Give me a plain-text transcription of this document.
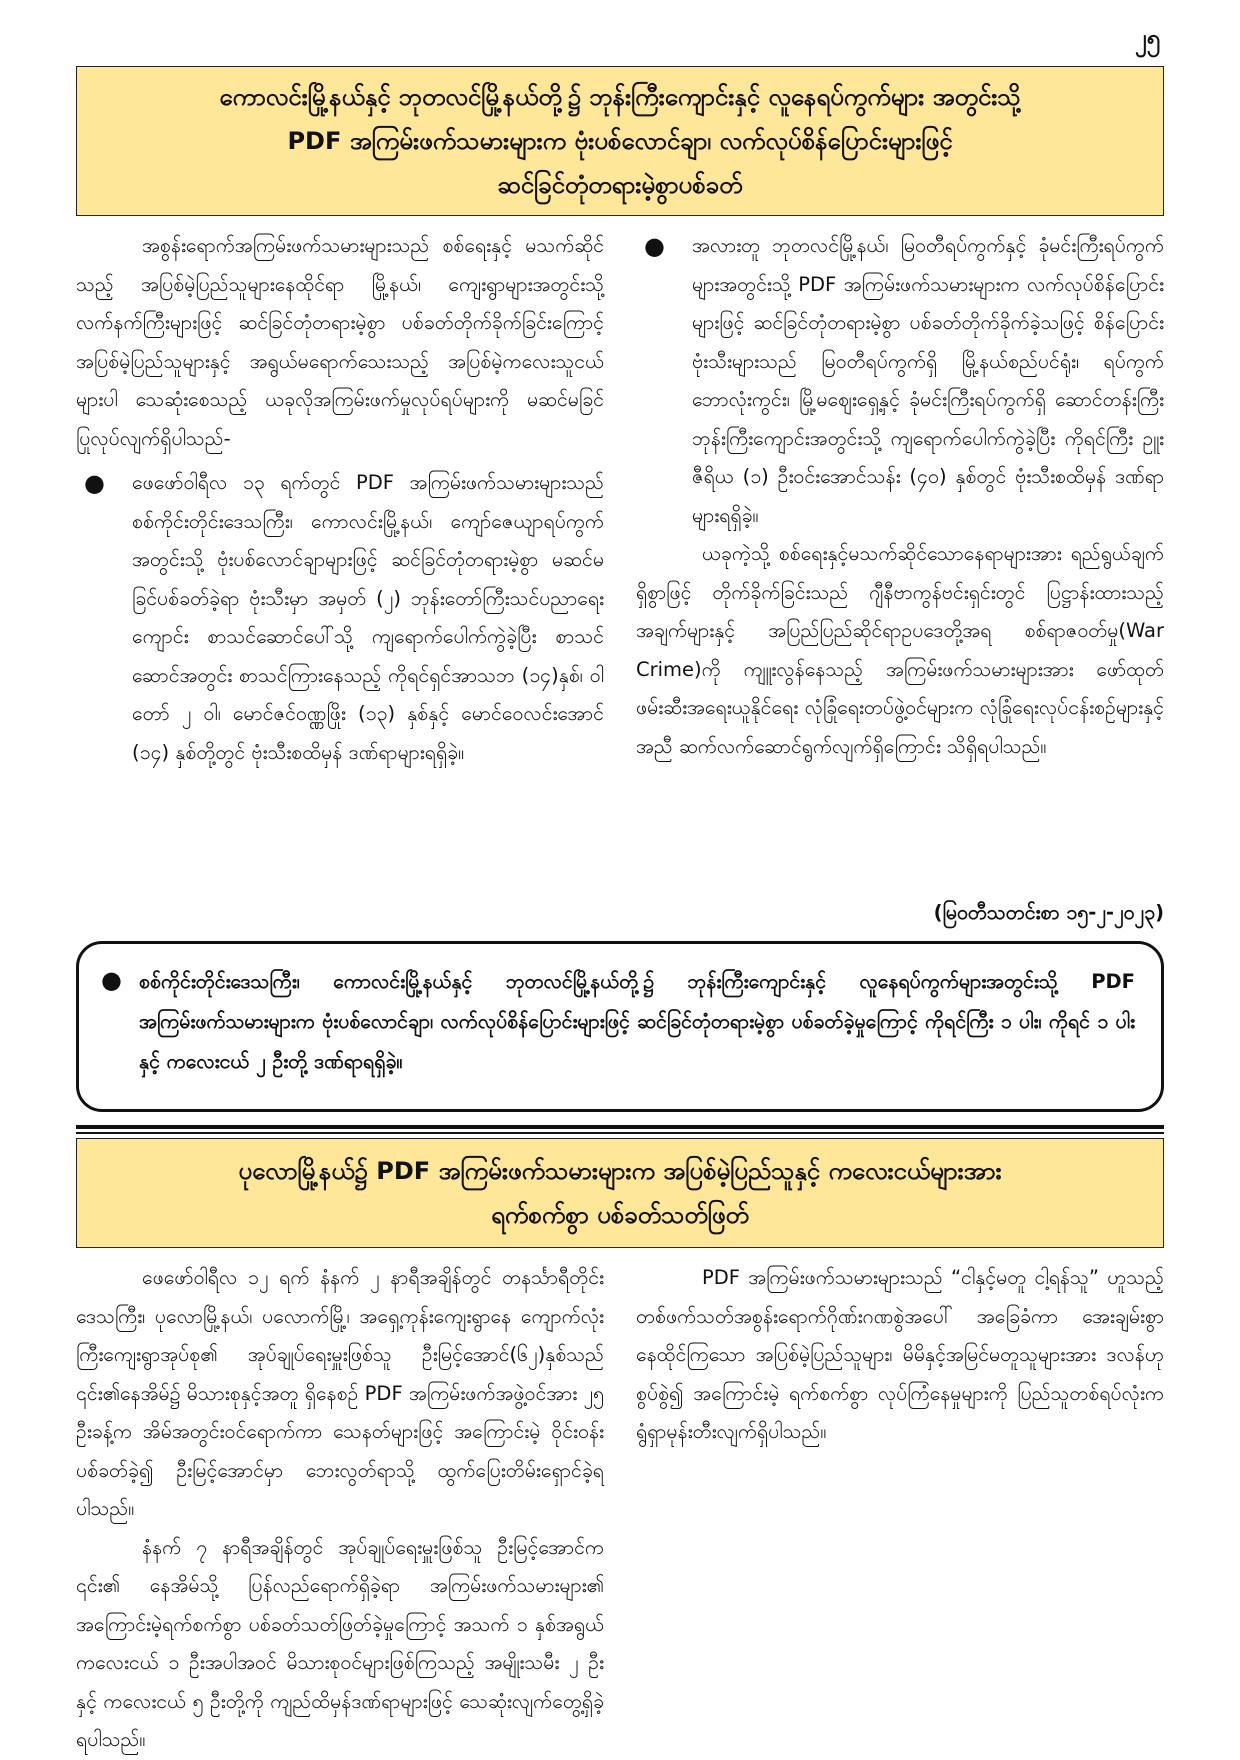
၂၅

ကောလင်းမြို့နယ်နှင့် ဘုတလင်မြို့နယ်တို့၌ ဘုန်းကြီးကျောင်းနှင့် လူနေရပ်ကွက်များ အတွင်းသို့

PDF အကြမ်းဖက်သမားများက ဗုံးပစ်လောင်ချာ၊ လက်လုပ်စိန်ပြောင်းများဖြင့်

ဆင်ခြင်တုံတရားမဲ့စွာပစ်ခတ်

အစွန်းရောက်အကြမ်းဖက်သမားများသည် စစ်ရေးနှင့် မသက်ဆိုင်သည့် အပြစ်မဲ့ပြည်သူများနေထိုင်ရာ မြို့နယ်၊ ကျေးရွာများအတွင်းသို့ လက်နက်ကြီးများဖြင့် ဆင်ခြင်တုံတရားမဲ့စွာ ပစ်ခတ်တိုက်ခိုက်ခြင်းကြောင့် အပြစ်မဲ့ပြည်သူများနှင့် အရွယ်မရောက်သေးသည့် အပြစ်မဲ့ကလေးသူငယ်များပါ သေဆုံးစေသည့် ယခုလိုအကြမ်းဖက်မှုလုပ်ရပ်များကို မဆင်မခြင် ပြုလုပ်လျက်ရှိပါသည်-

● ဖေဖော်ဝါရီလ ၁၃ ရက်တွင် PDF အကြမ်းဖက်သမားများသည် စစ်ကိုင်းတိုင်းဒေသကြီး၊ ကောလင်းမြို့နယ်၊ ကျော်ဇေယျာရပ်ကွက်အတွင်းသို့ ဗုံးပစ်လောင်ချာများဖြင့် ဆင်ခြင်တုံတရားမဲ့စွာ မဆင်မခြင်ပစ်ခတ်ခဲ့ရာ ဗုံးသီးမှာ အမှတ် (၂) ဘုန်းတော်ကြီးသင်ပညာရေးကျောင်း စာသင်ဆောင်ပေါ်သို့ ကျရောက်ပေါက်ကွဲခဲ့ပြီး စာသင်ဆောင်အတွင်း စာသင်ကြားနေသည့် ကိုရင်ရှင်အာသဘ (၁၄)နှစ်၊ ဝါတော် ၂ ဝါ၊ မောင်ဇင်ဝဏ္ဏဖြိုး (၁၃) နှစ်နှင့် မောင်ဝေလင်းအောင် (၁၄) နှစ်တို့တွင် ဗုံးသီးစထိမှန် ဒဏ်ရာများရရှိခဲ့။

● အလားတူ ဘုတလင်မြို့နယ်၊ မြဝတီရပ်ကွက်နှင့် ခုံမင်းကြီးရပ်ကွက်များအတွင်းသို့ PDF အကြမ်းဖက်သမားများက လက်လုပ်စိန်ပြောင်းများဖြင့် ဆင်ခြင်တုံတရားမဲ့စွာ ပစ်ခတ်တိုက်ခိုက်ခဲ့သဖြင့် စိန်ပြောင်းဗုံးသီးများသည် မြဝတီရပ်ကွက်ရှိ မြို့နယ်စည်ပင်ရုံး၊ ရပ်ကွက်ဘောလုံးကွင်း၊ မြို့မဈေးရှေ့နှင့် ခုံမင်းကြီးရပ်ကွက်ရှိ ဆောင်တန်းကြီးဘုန်းကြီးကျောင်းအတွင်းသို့ ကျရောက်ပေါက်ကွဲခဲ့ပြီး ကိုရင်ကြီး ဥူးဇီရိယ (၁) ဦးဝင်းအောင်သန်း (၄၀) နှစ်တွင် ဗုံးသီးစထိမှန် ဒဏ်ရာများရရှိခဲ့။

ယခုကဲ့သို့ စစ်ရေးနှင့်မသက်ဆိုင်သောနေရာများအား ရည်ရွယ်ချက်ရှိစွာဖြင့် တိုက်ခိုက်ခြင်းသည် ဂျီနီဗာကွန်ဗင်းရှင်းတွင် ပြဋ္ဌာန်းထားသည့်အချက်များနှင့် အပြည်ပြည်ဆိုင်ရာဥပဒေတို့အရ စစ်ရာဇဝတ်မှု(War Crime)ကို ကျူးလွန်နေသည့် အကြမ်းဖက်သမားများအား ဖော်ထုတ်ဖမ်းဆီးအရေးယူနိုင်ရေး လုံခြုံရေးတပ်ဖွဲ့ဝင်များက လုံခြုံရေးလုပ်ငန်းစဉ်များနှင့်အညီ ဆက်လက်ဆောင်ရွက်လျက်ရှိကြောင်း သိရှိရပါသည်။

(မြဝတီသတင်းစာ ၁၅-၂-၂၀၂၃)
● စစ်ကိုင်းတိုင်းဒေသကြီး၊ ကောလင်းမြို့နယ်နှင့် ဘုတလင်မြို့နယ်တို့၌ ဘုန်းကြီးကျောင်းနှင့် လူနေရပ်ကွက်များအတွင်းသို့ PDF အကြမ်းဖက်သမားများက ဗုံးပစ်လောင်ချာ၊ လက်လုပ်စိန်ပြောင်းများဖြင့် ဆင်ခြင်တုံတရားမဲ့စွာ ပစ်ခတ်ခဲ့မှုကြောင့် ကိုရင်ကြီး ၁ ပါး၊ ကိုရင် ၁ ပါး နှင့် ကလေးငယ် ၂ ဦးတို့ ဒဏ်ရာရရှိခဲ့။

ပုလောမြို့နယ်၌ PDF အကြမ်းဖက်သမားများက အပြစ်မဲ့ပြည်သူနှင့် ကလေးငယ်များအား

ရက်စက်စွာ ပစ်ခတ်သတ်ဖြတ်

ဖေဖော်ဝါရီလ ၁၂ ရက် နံနက် ၂ နာရီအချိန်တွင် တနင်္သာရီတိုင်းဒေသကြီး၊ ပုလောမြို့နယ်၊ ပလောက်မြို့၊ အရှေ့ကုန်းကျေးရွာနေ ကျောက်လုံးကြီးကျေးရွာအုပ်စု၏ အုပ်ချုပ်ရေးမှူးဖြစ်သူ ဦးမြင့်အောင်(၆၂)နှစ်သည် ၎င်း၏နေအိမ်၌ မိသားစုနှင့်အတူ ရှိနေစဉ် PDF အကြမ်းဖက်အဖွဲ့ဝင်အား ၂၅ ဦးခန့်က အိမ်အတွင်းဝင်ရောက်ကာ သေနတ်များဖြင့် အကြောင်းမဲ့ ဝိုင်းဝန်းပစ်ခတ်ခဲ့၍ ဦးမြင့်အောင်မှာ ဘေးလွတ်ရာသို့ ထွက်ပြေးတိမ်းရှောင်ခဲ့ရပါသည်။

နံနက် ၇ နာရီအချိန်တွင် အုပ်ချုပ်ရေးမှူးဖြစ်သူ ဦးမြင့်အောင်က ၎င်း၏ နေအိမ်သို့ ပြန်လည်ရောက်ရှိခဲ့ရာ အကြမ်းဖက်သမားများ၏ အကြောင်းမဲ့ရက်စက်စွာ ပစ်ခတ်သတ်ဖြတ်ခဲ့မှုကြောင့် အသက် ၁ နှစ်အရွယ် ကလေးငယ် ၁ ဦးအပါအဝင် မိသားစုဝင်များဖြစ်ကြသည့် အမျိုးသမီး ၂ ဦးနှင့် ကလေးငယ် ၅ ဦးတို့ကို ကျည်ထိမှန်ဒဏ်ရာများဖြင့် သေဆုံးလျက်တွေ့ရှိခဲ့ရပါသည်။

PDF အကြမ်းဖက်သမားများသည် “ငါနှင့်မတူ ငါ့ရန်သူ” ဟူသည့် တစ်ဖက်သတ်အစွန်းရောက်ဂိုဏ်းဂဏစွဲအပေါ် အခြေခံကာ အေးချမ်းစွာနေထိုင်ကြသော အပြစ်မဲ့ပြည်သူများ၊ မိမိနှင့်အမြင်မတူသူများအား ဒလန်ဟုစွပ်စွဲ၍ အကြောင်းမဲ့ ရက်စက်စွာ လုပ်ကြံနေမှုများကို ပြည်သူတစ်ရပ်လုံးက ရွံရှာမုန်းတီးလျက်ရှိပါသည်။
